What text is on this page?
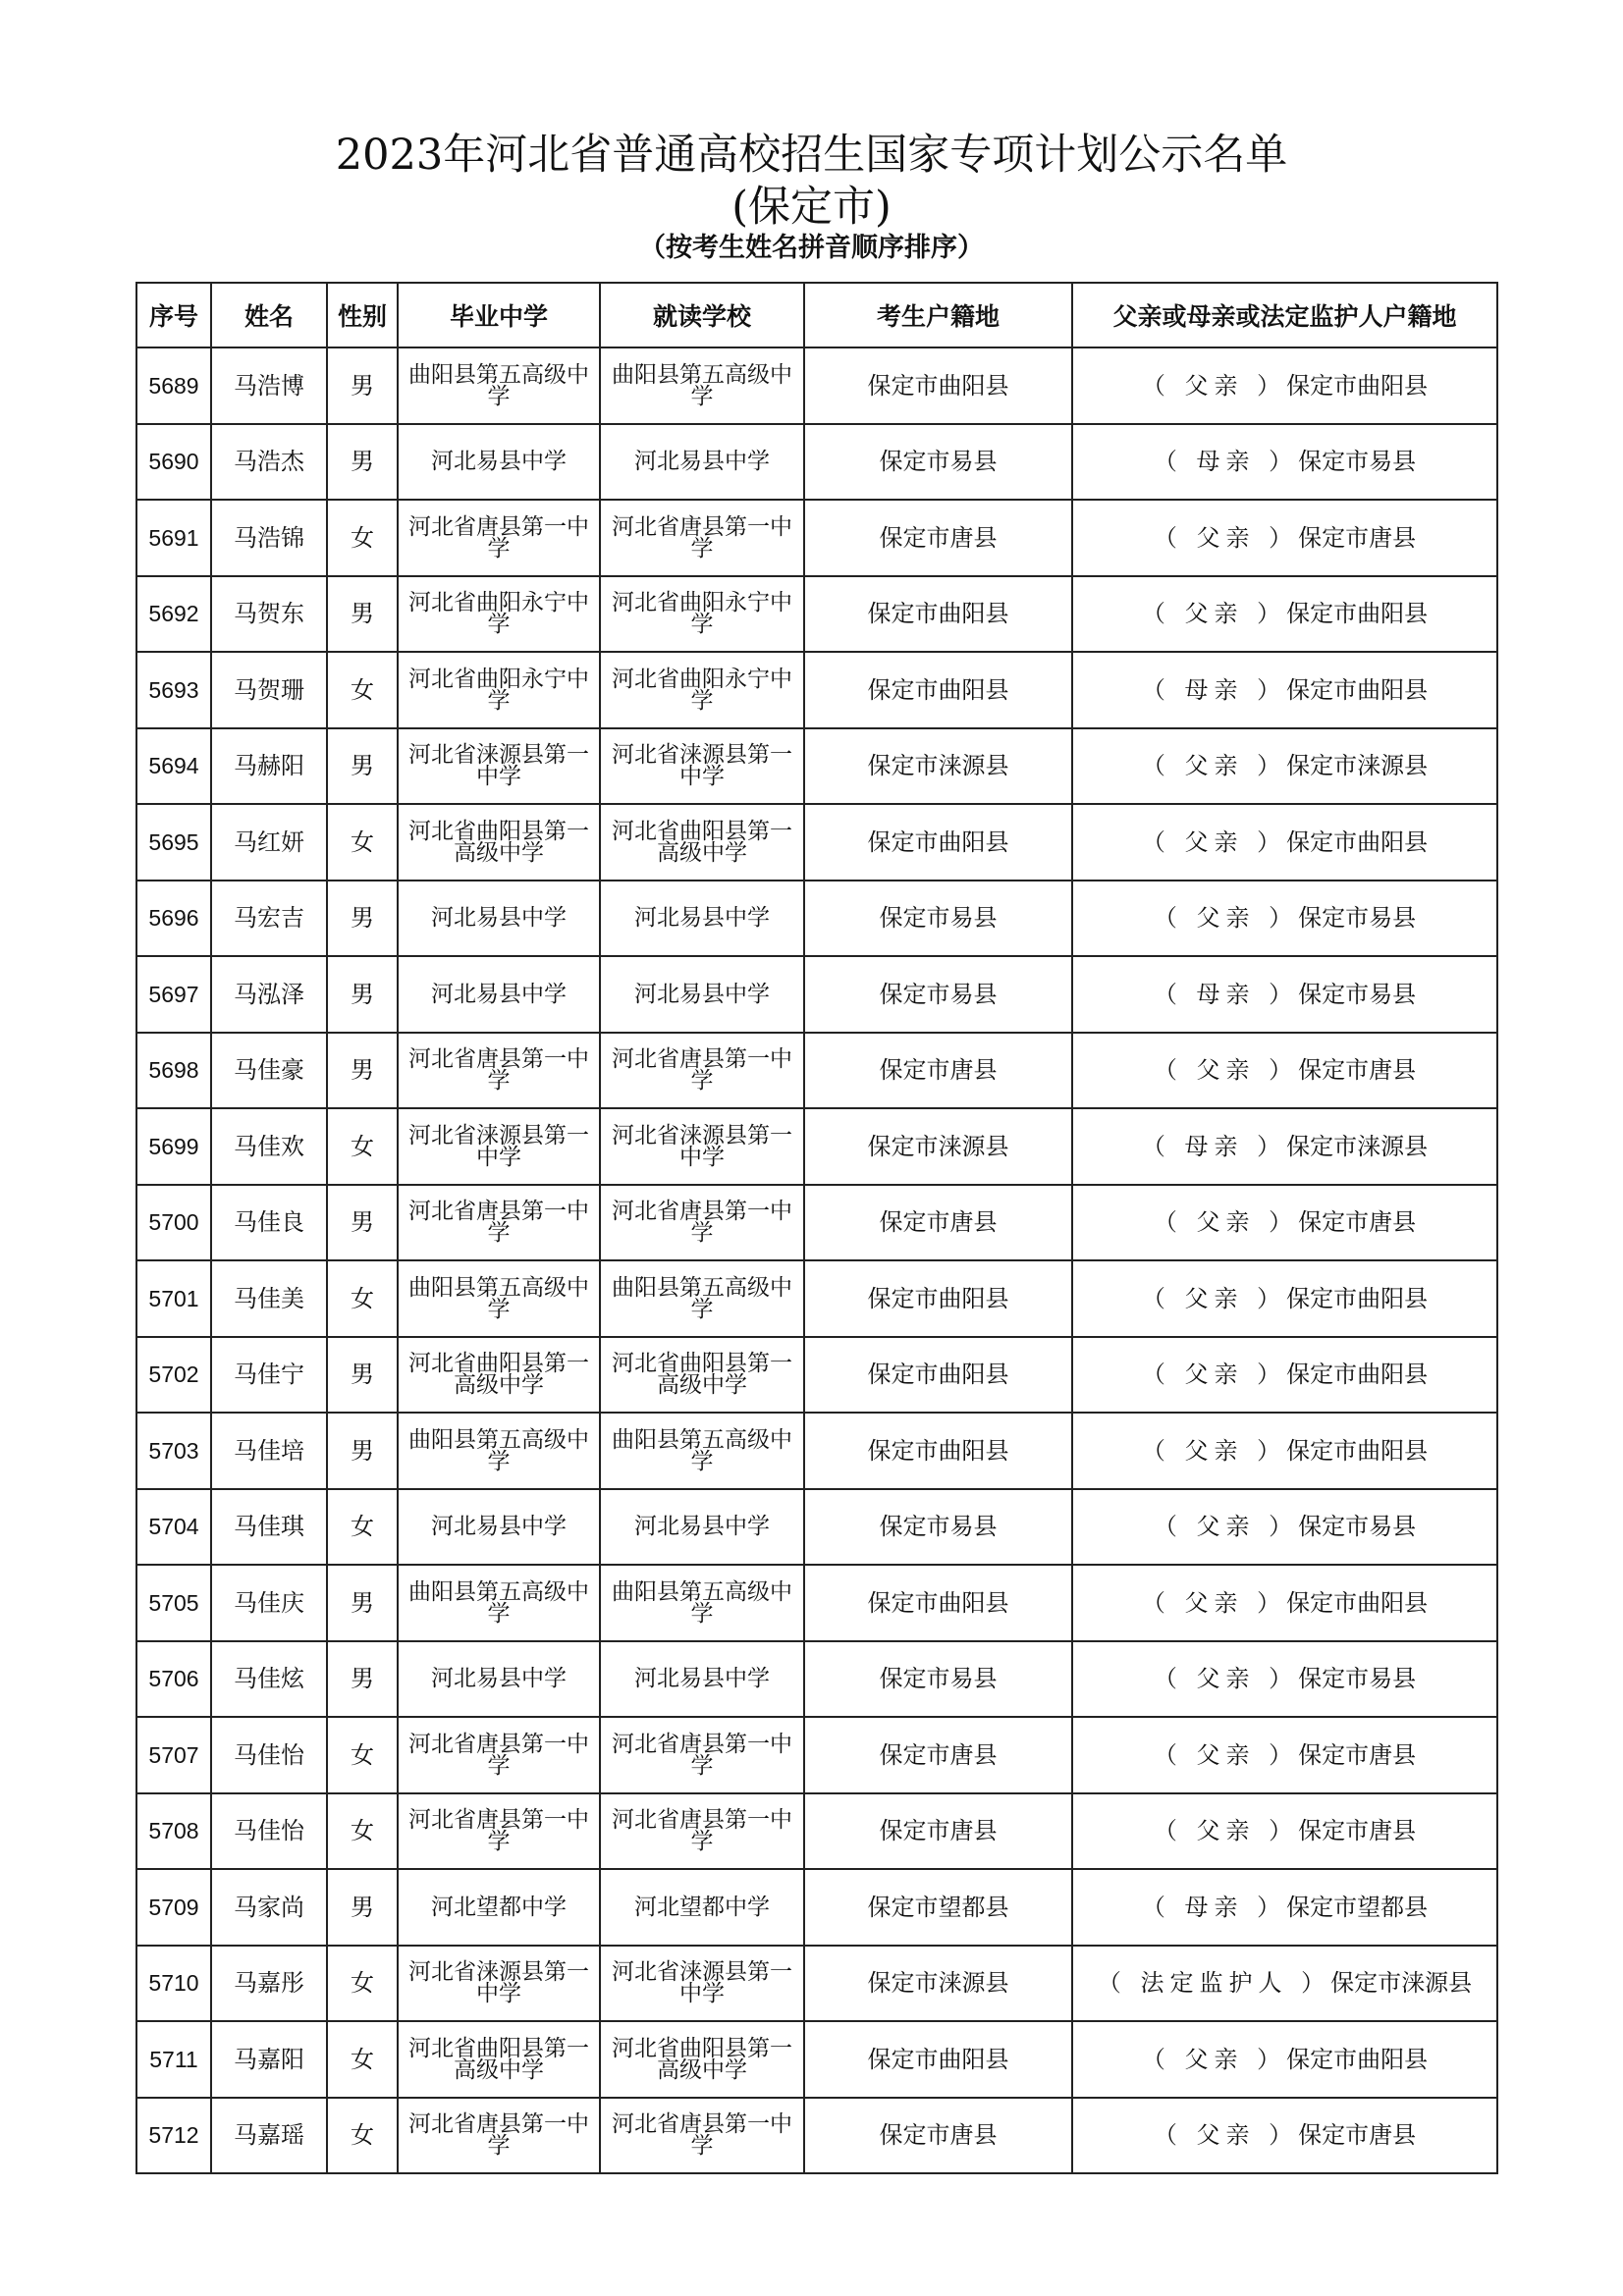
2023年河北省普通高校招生国家专项计划公示名单
(保定市)
（按考生姓名拼音顺序排序）
序号	姓名	性别	毕业中学	就读学校	考生户籍地	父亲或母亲或法定监护人户籍地
5689	马浩博	男	曲阳县第五高级中学	曲阳县第五高级中学	保定市曲阳县	（ 父亲 ）保定市曲阳县
5690	马浩杰	男	河北易县中学	河北易县中学	保定市易县	（ 母亲 ）保定市易县
5691	马浩锦	女	河北省唐县第一中学	河北省唐县第一中学	保定市唐县	（ 父亲 ）保定市唐县
5692	马贺东	男	河北省曲阳永宁中学	河北省曲阳永宁中学	保定市曲阳县	（ 父亲 ）保定市曲阳县
5693	马贺珊	女	河北省曲阳永宁中学	河北省曲阳永宁中学	保定市曲阳县	（ 母亲 ）保定市曲阳县
5694	马赫阳	男	河北省涞源县第一中学	河北省涞源县第一中学	保定市涞源县	（ 父亲 ）保定市涞源县
5695	马红妍	女	河北省曲阳县第一高级中学	河北省曲阳县第一高级中学	保定市曲阳县	（ 父亲 ）保定市曲阳县
5696	马宏吉	男	河北易县中学	河北易县中学	保定市易县	（ 父亲 ）保定市易县
5697	马泓泽	男	河北易县中学	河北易县中学	保定市易县	（ 母亲 ）保定市易县
5698	马佳豪	男	河北省唐县第一中学	河北省唐县第一中学	保定市唐县	（ 父亲 ）保定市唐县
5699	马佳欢	女	河北省涞源县第一中学	河北省涞源县第一中学	保定市涞源县	（ 母亲 ）保定市涞源县
5700	马佳良	男	河北省唐县第一中学	河北省唐县第一中学	保定市唐县	（ 父亲 ）保定市唐县
5701	马佳美	女	曲阳县第五高级中学	曲阳县第五高级中学	保定市曲阳县	（ 父亲 ）保定市曲阳县
5702	马佳宁	男	河北省曲阳县第一高级中学	河北省曲阳县第一高级中学	保定市曲阳县	（ 父亲 ）保定市曲阳县
5703	马佳培	男	曲阳县第五高级中学	曲阳县第五高级中学	保定市曲阳县	（ 父亲 ）保定市曲阳县
5704	马佳琪	女	河北易县中学	河北易县中学	保定市易县	（ 父亲 ）保定市易县
5705	马佳庆	男	曲阳县第五高级中学	曲阳县第五高级中学	保定市曲阳县	（ 父亲 ）保定市曲阳县
5706	马佳炫	男	河北易县中学	河北易县中学	保定市易县	（ 父亲 ）保定市易县
5707	马佳怡	女	河北省唐县第一中学	河北省唐县第一中学	保定市唐县	（ 父亲 ）保定市唐县
5708	马佳怡	女	河北省唐县第一中学	河北省唐县第一中学	保定市唐县	（ 父亲 ）保定市唐县
5709	马家尚	男	河北望都中学	河北望都中学	保定市望都县	（ 母亲 ）保定市望都县
5710	马嘉彤	女	河北省涞源县第一中学	河北省涞源县第一中学	保定市涞源县	（ 法定监护人 ）保定市涞源县
5711	马嘉阳	女	河北省曲阳县第一高级中学	河北省曲阳县第一高级中学	保定市曲阳县	（ 父亲 ）保定市曲阳县
5712	马嘉瑶	女	河北省唐县第一中学	河北省唐县第一中学	保定市唐县	（ 父亲 ）保定市唐县
